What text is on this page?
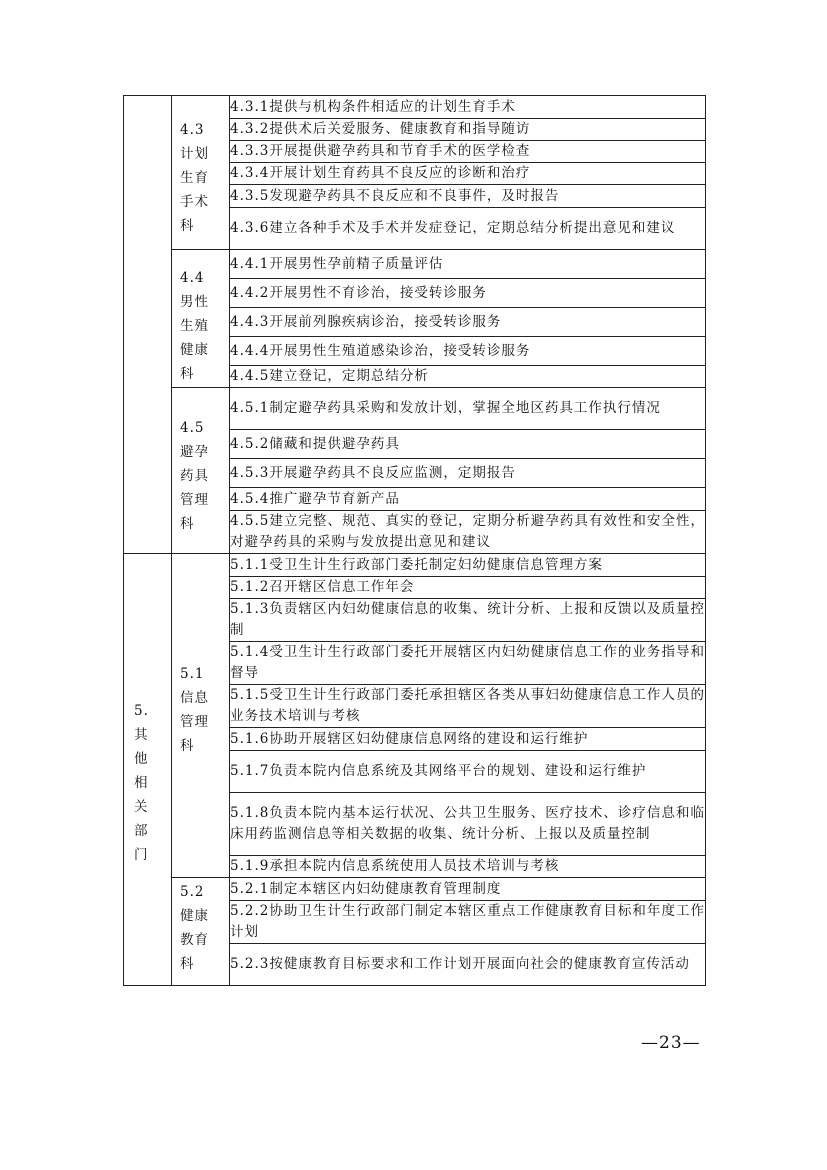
	4.3计划生育手术科	4.3.1提供与机构条件相适应的计划生育手术
		4.3.2提供术后关爱服务、健康教育和指导随访
		4.3.3开展提供避孕药具和节育手术的医学检查
		4.3.4开展计划生育药具不良反应的诊断和治疗
		4.3.5发现避孕药具不良反应和不良事件，及时报告
		4.3.6建立各种手术及手术并发症登记，定期总结分析提出意见和建议

	4.4男性生殖健康科	4.4.1开展男性孕前精子质量评估
		4.4.2开展男性不育诊治，接受转诊服务
		4.4.3开展前列腺疾病诊治，接受转诊服务
		4.4.4开展男性生殖道感染诊治，接受转诊服务
		4.4.5建立登记，定期总结分析

	4.5避孕药具管理科	4.5.1制定避孕药具采购和发放计划，掌握全地区药具工作执行情况
		4.5.2储藏和提供避孕药具
		4.5.3开展避孕药具不良反应监测，定期报告
		4.5.4推广避孕节育新产品
		4.5.5建立完整、规范、真实的登记，定期分析避孕药具有效性和安全性，对避孕药具的采购与发放提出意见和建议

5.其他相关部门	5.1信息管理科	5.1.1受卫生计生行政部门委托制定妇幼健康信息管理方案
		5.1.2召开辖区信息工作年会
		5.1.3负责辖区内妇幼健康信息的收集、统计分析、上报和反馈以及质量控制
		5.1.4受卫生计生行政部门委托开展辖区内妇幼健康信息工作的业务指导和督导
		5.1.5受卫生计生行政部门委托承担辖区各类从事妇幼健康信息工作人员的业务技术培训与考核
		5.1.6协助开展辖区妇幼健康信息网络的建设和运行维护
		5.1.7负责本院内信息系统及其网络平台的规划、建设和运行维护
		5.1.8负责本院内基本运行状况、公共卫生服务、医疗技术、诊疗信息和临床用药监测信息等相关数据的收集、统计分析、上报以及质量控制
		5.1.9承担本院内信息系统使用人员技术培训与考核

	5.2健康教育科	5.2.1制定本辖区内妇幼健康教育管理制度
		5.2.2协助卫生计生行政部门制定本辖区重点工作健康教育目标和年度工作计划
		5.2.3按健康教育目标要求和工作计划开展面向社会的健康教育宣传活动
—23—
